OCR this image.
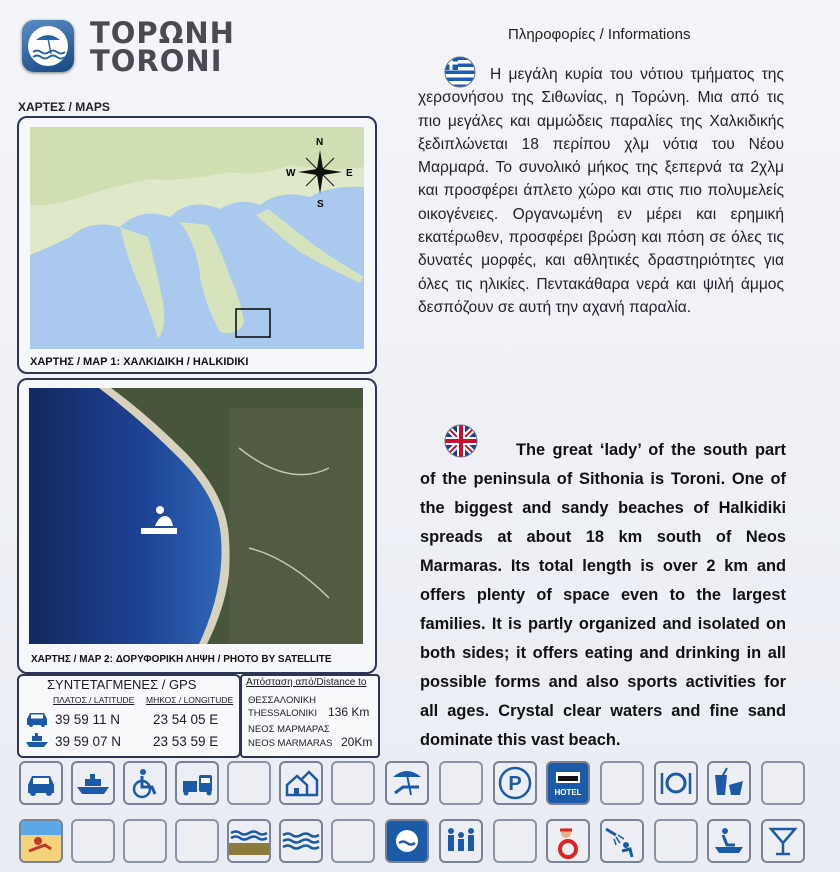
ΤΟΡΩΝΗ
TORONI
ΧΑΡΤΕΣ / MAPS
Πληροφορίες / Informations
N
S
W	E
ΧΑΡΤΗΣ / MAP 1: ΧΑΛΚΙΔΙΚΗ / HALKIDIKI
ΧΑΡΤΗΣ / MAP 2: ΔΟΡΥΦΟΡΙΚΗ ΛΗΨΗ / PHOTO BY SATELLITE
ΣΥΝΤΕΤΑΓΜΕΝΕΣ / GPS
ΠΛΑΤΟΣ / LATITUDE ΜΗΚΟΣ / LONGITUDE
39 59 11 N 23 54 05 E
39 59 07 N 23 53 59 E
Απόσταση από/Distance to
ΘΕΣΣΑΛΟΝΙΚΗ
THESSALONIKI 136 Km
ΝΕΟΣ ΜΑΡΜΑΡΑΣ
NEOS MARMARAS 20Km
Η μεγάλη κυρία του νότιου τμήματος της χερσονήσου της Σιθωνίας, η Τορώνη. Μια από τις πιο μεγάλες και αμμώδεις παραλίες της Χαλκιδικής ξεδιπλώνεται 18 περίπου χλμ νότια του Νέου Μαρμαρά. Το συνολικό μήκος της ξεπερνά τα 2χλμ και προσφέρει άπλετο χώρο και στις πιο πολυμελείς οικογένειες. Οργανωμένη εν μέρει και ερημική εκατέρωθεν, προσφέρει βρώση και πόση σε όλες τις δυνατές μορφές, και αθλητικές δραστηριότητες για όλες τις ηλικίες. Πεντακάθαρα νερά και ψιλή άμμος δεσπόζουν σε αυτή την αχανή παραλία.
The great ‘lady’ of the south part of the peninsula of Sithonia is Toroni. One of the biggest and sandy beaches of Halkidiki spreads at about 18 km south of Neos Marmaras. Its total length is over 2 km and offers plenty of space even to the largest families. It is partly organized and isolated on both sides; it offers eating and drinking in all possible forms and also sports activities for all ages. Crystal clear waters and fine sand dominate this vast beach.
P	HOTEL
